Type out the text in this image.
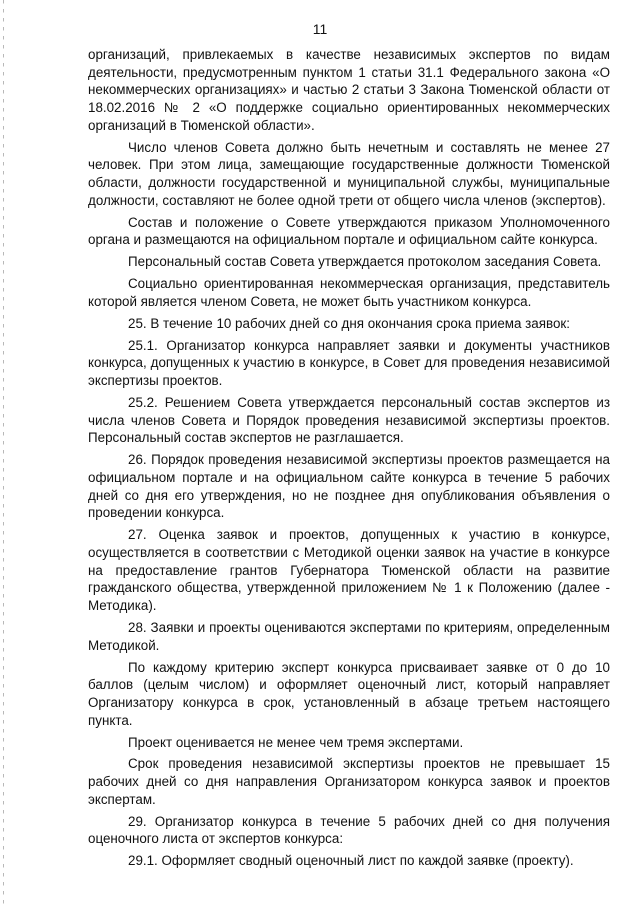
11

организаций, привлекаемых в качестве независимых экспертов по видам деятельности, предусмотренным пунктом 1 статьи 31.1 Федерального закона «О некоммерческих организациях» и частью 2 статьи 3 Закона Тюменской области от 18.02.2016 № 2 «О поддержке социально ориентированных некоммерческих организаций в Тюменской области».

Число членов Совета должно быть нечетным и составлять не менее 27 человек. При этом лица, замещающие государственные должности Тюменской области, должности государственной и муниципальной службы, муниципальные должности, составляют не более одной трети от общего числа членов (экспертов).

Состав и положение о Совете утверждаются приказом Уполномоченного органа и размещаются на официальном портале и официальном сайте конкурса.

Персональный состав Совета утверждается протоколом заседания Совета.

Социально ориентированная некоммерческая организация, представитель которой является членом Совета, не может быть участником конкурса.

25. В течение 10 рабочих дней со дня окончания срока приема заявок:

25.1. Организатор конкурса направляет заявки и документы участников конкурса, допущенных к участию в конкурсе, в Совет для проведения независимой экспертизы проектов.

25.2. Решением Совета утверждается персональный состав экспертов из числа членов Совета и Порядок проведения независимой экспертизы проектов. Персональный состав экспертов не разглашается.

26. Порядок проведения независимой экспертизы проектов размещается на официальном портале и на официальном сайте конкурса в течение 5 рабочих дней со дня его утверждения, но не позднее дня опубликования объявления о проведении конкурса.

27. Оценка заявок и проектов, допущенных к участию в конкурсе, осуществляется в соответствии с Методикой оценки заявок на участие в конкурсе на предоставление грантов Губернатора Тюменской области на развитие гражданского общества, утвержденной приложением № 1 к Положению (далее - Методика).

28. Заявки и проекты оцениваются экспертами по критериям, определенным Методикой.

По каждому критерию эксперт конкурса присваивает заявке от 0 до 10 баллов (целым числом) и оформляет оценочный лист, который направляет Организатору конкурса в срок, установленный в абзаце третьем настоящего пункта.

Проект оценивается не менее чем тремя экспертами.

Срок проведения независимой экспертизы проектов не превышает 15 рабочих дней со дня направления Организатором конкурса заявок и проектов экспертам.

29. Организатор конкурса в течение 5 рабочих дней со дня получения оценочного листа от экспертов конкурса:

29.1. Оформляет сводный оценочный лист по каждой заявке (проекту).
